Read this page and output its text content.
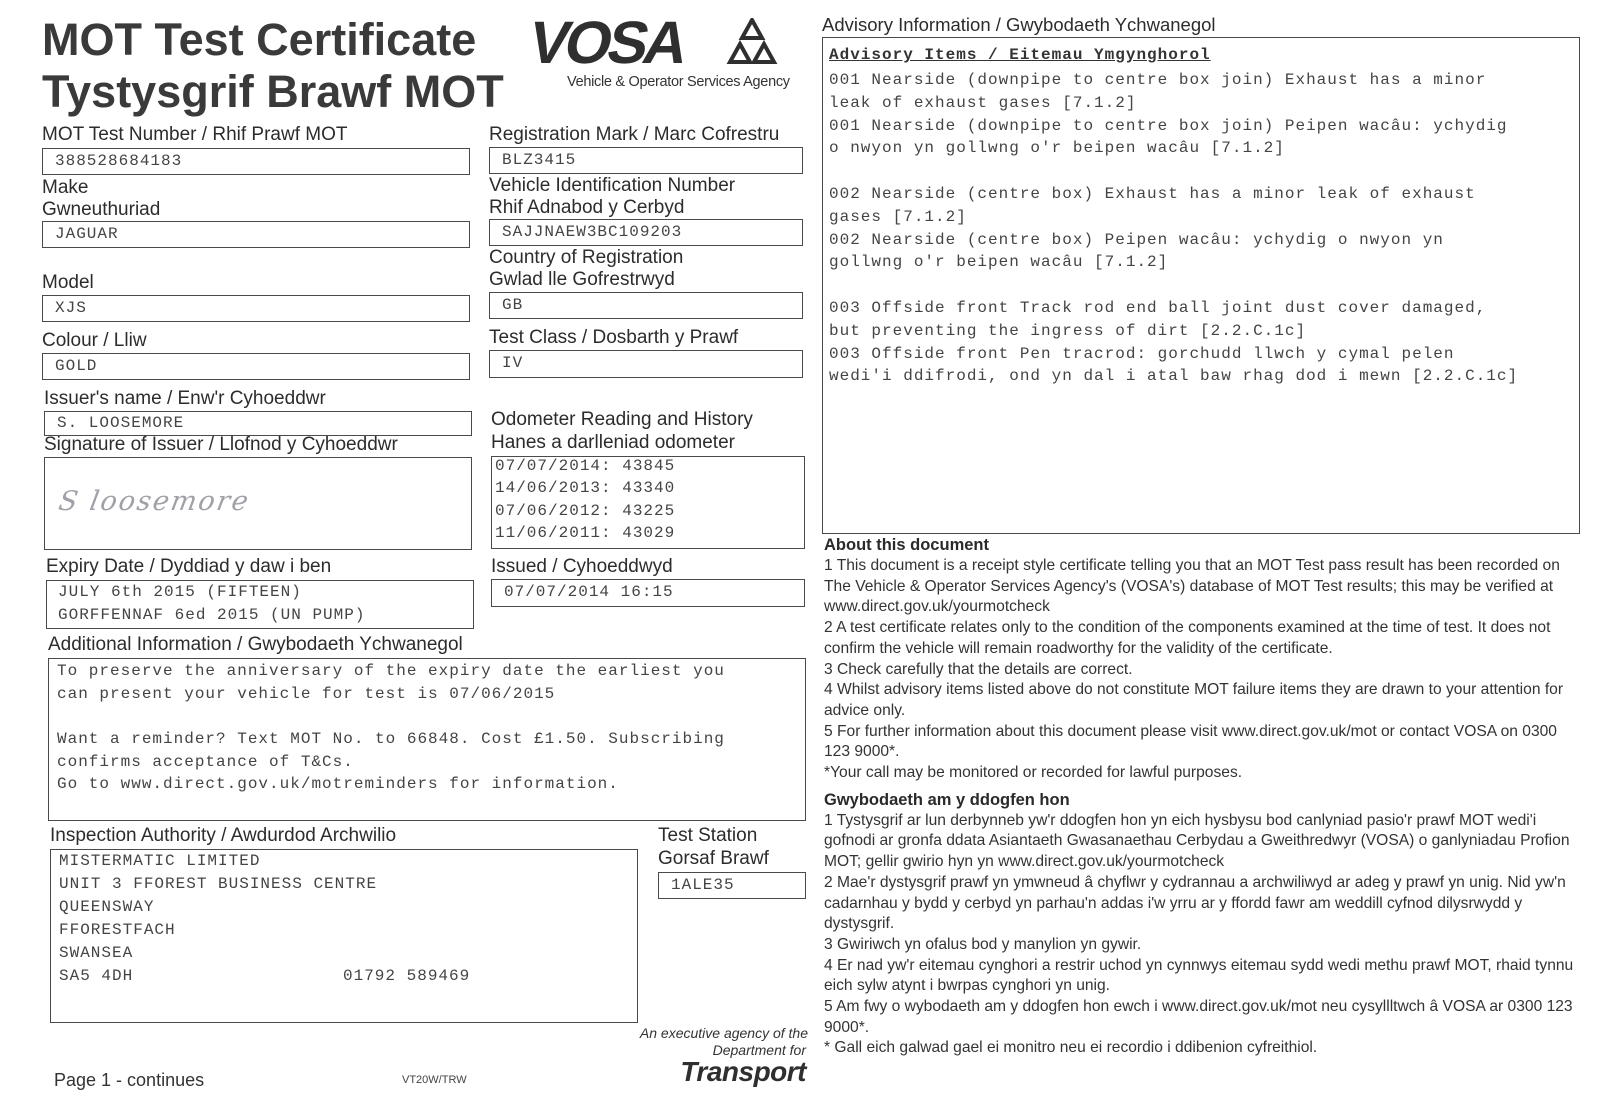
MOT Test Certificate
Tystysgrif Brawf MOT
VOSA
Vehicle & Operator Services Agency
MOT Test Number / Rhif Prawf MOT
388528684183
Make
Gwneuthuriad
JAGUAR
Model
XJS
Colour / Lliw
GOLD
Issuer's name / Enw'r Cyhoeddwr
S. LOOSEMORE
Signature of Issuer / Llofnod y Cyhoeddwr
S loosemore
Expiry Date / Dyddiad y daw i ben
JULY 6th 2015 (FIFTEEN)
GORFFENNAF 6ed 2015 (UN PUMP)
Registration Mark / Marc Cofrestru
BLZ3415
Vehicle Identification Number
Rhif Adnabod y Cerbyd
SAJJNAEW3BC109203
Country of Registration
Gwlad lle Gofrestrwyd
GB
Test Class / Dosbarth y Prawf
IV
Odometer Reading and History
Hanes a darlleniad odometer
07/07/2014: 43845
14/06/2013: 43340
07/06/2012: 43225
11/06/2011: 43029
Issued / Cyhoeddwyd
07/07/2014 16:15
Additional Information / Gwybodaeth Ychwanegol
To preserve the anniversary of the expiry date the earliest you
can present your vehicle for test is 07/06/2015
Want a reminder? Text MOT No. to 66848. Cost £1.50. Subscribing
confirms acceptance of T&Cs.
Go to www.direct.gov.uk/motreminders for information.
Inspection Authority / Awdurdod Archwilio
MISTERMATIC LIMITED
UNIT 3 FFOREST BUSINESS CENTRE
QUEENSWAY
FFORESTFACH
SWANSEA
SA5 4DH	01792 589469
Test Station
Gorsaf Brawf
1ALE35
Page 1 - continues	VT20W/TRW
An executive agency of the
Department for
Transport
Advisory Information / Gwybodaeth Ychwanegol
Advisory Items / Eitemau Ymgynghorol
001 Nearside (downpipe to centre box join) Exhaust has a minor
leak of exhaust gases [7.1.2]
001 Nearside (downpipe to centre box join) Peipen wacâu: ychydig
o nwyon yn gollwng o'r beipen wacâu [7.1.2]
002 Nearside (centre box) Exhaust has a minor leak of exhaust
gases [7.1.2]
002 Nearside (centre box) Peipen wacâu: ychydig o nwyon yn
gollwng o'r beipen wacâu [7.1.2]
003 Offside front Track rod end ball joint dust cover damaged,
but preventing the ingress of dirt [2.2.C.1c]
003 Offside front Pen tracrod: gorchudd llwch y cymal pelen
wedi'i ddifrodi, ond yn dal i atal baw rhag dod i mewn [2.2.C.1c]
About this document

1 This document is a receipt style certificate telling you that an MOT Test pass result has been recorded on The Vehicle & Operator Services Agency's (VOSA's) database of MOT Test results; this may be verified at www.direct.gov.uk/yourmotcheck

2 A test certificate relates only to the condition of the components examined at the time of test. It does not confirm the vehicle will remain roadworthy for the validity of the certificate.

3 Check carefully that the details are correct.

4 Whilst advisory items listed above do not constitute MOT failure items they are drawn to your attention for advice only.

5 For further information about this document please visit www.direct.gov.uk/mot or contact VOSA on 0300 123 9000*.

*Your call may be monitored or recorded for lawful purposes.

Gwybodaeth am y ddogfen hon

1 Tystysgrif ar lun derbynneb yw'r ddogfen hon yn eich hysbysu bod canlyniad pasio'r prawf MOT wedi'i gofnodi ar gronfa ddata Asiantaeth Gwasanaethau Cerbydau a Gweithredwyr (VOSA) o ganlyniadau Profion MOT; gellir gwirio hyn yn www.direct.gov.uk/yourmotcheck

2 Mae'r dystysgrif prawf yn ymwneud â chyflwr y cydrannau a archwiliwyd ar adeg y prawf yn unig. Nid yw'n cadarnhau y bydd y cerbyd yn parhau'n addas i'w yrru ar y ffordd fawr am weddill cyfnod dilysrwydd y dystysgrif.

3 Gwiriwch yn ofalus bod y manylion yn gywir.

4 Er nad yw'r eitemau cynghori a restrir uchod yn cynnwys eitemau sydd wedi methu prawf MOT, rhaid tynnu eich sylw atynt i bwrpas cynghori yn unig.

5 Am fwy o wybodaeth am y ddogfen hon ewch i www.direct.gov.uk/mot neu cysyllltwch â VOSA ar 0300 123 9000*.

* Gall eich galwad gael ei monitro neu ei recordio i ddibenion cyfreithiol.
